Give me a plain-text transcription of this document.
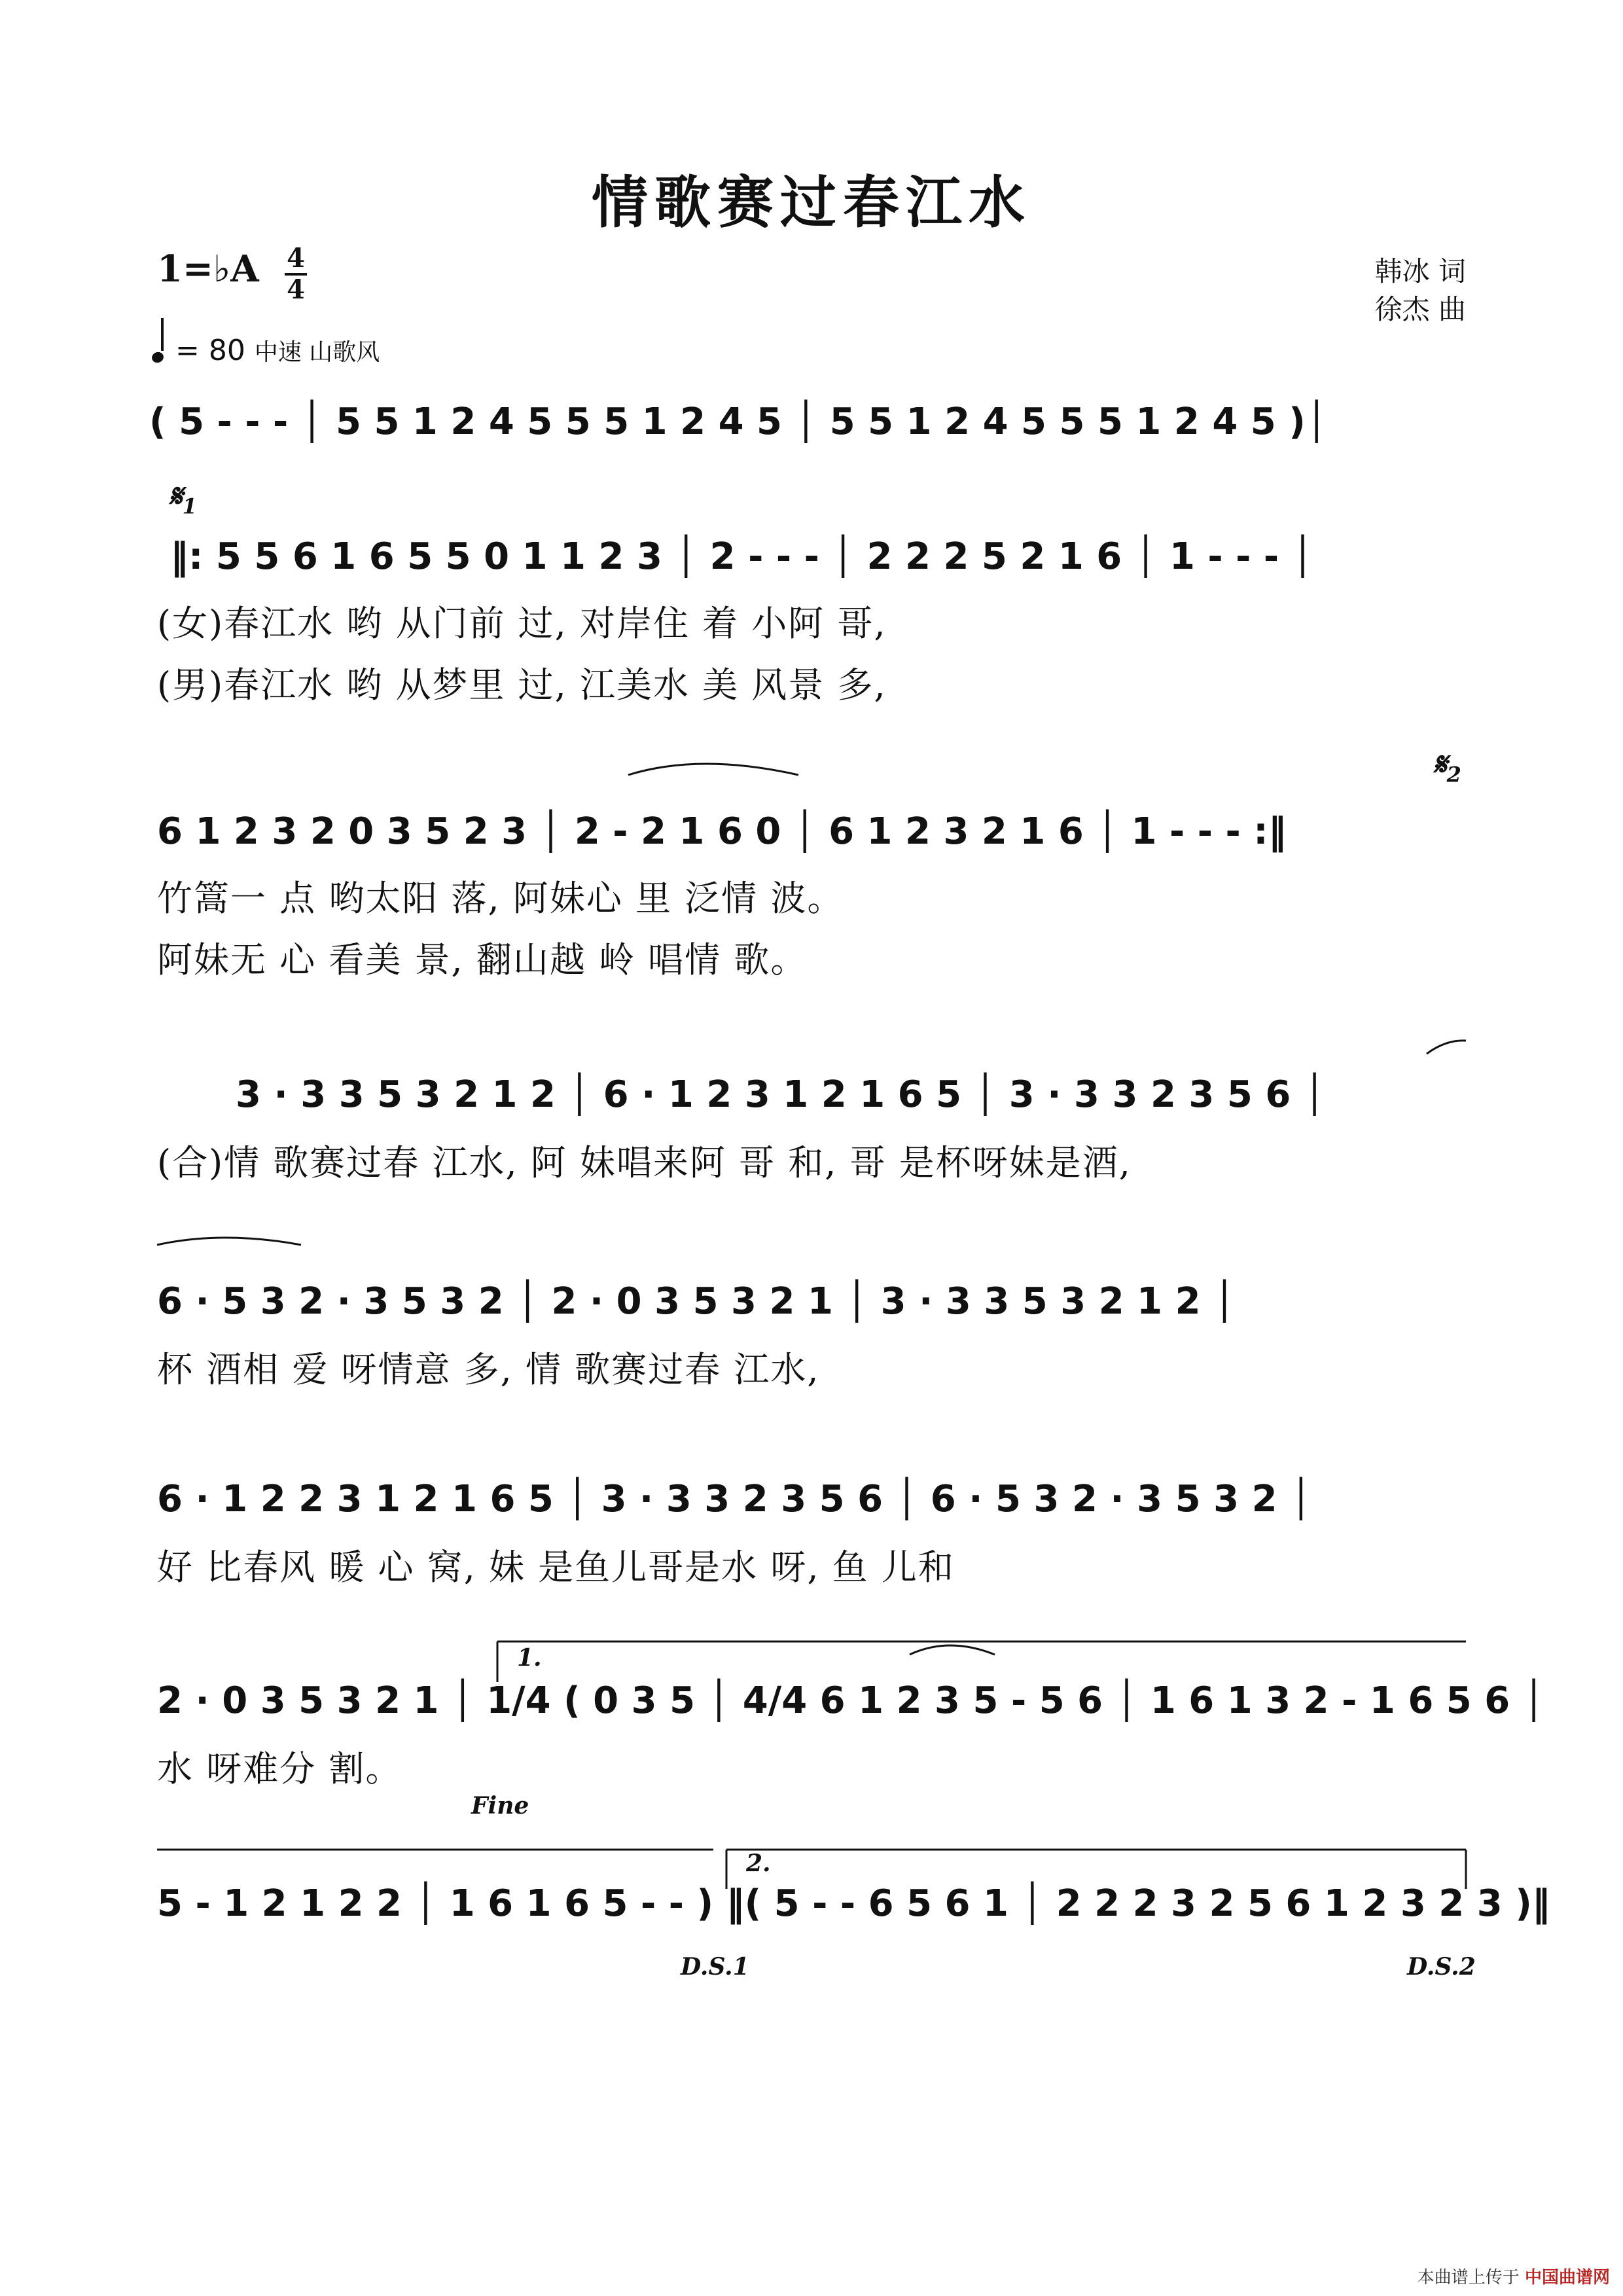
情歌赛过春江水
1=♭A 4
4
韩冰 词
徐杰 曲
= 80 中速 山歌风
( 5 - - - │ 5 5 1 2 4 5 5 5 1 2 4 5 │ 5 5 1 2 4 5 5 5 1 2 4 5 )│
$𝄋_1$
‖: 5 5 6 1 6 5 5 0 1 1 2 3 │ 2 - - - │ 2 2 2 5 2 1 6 │ 1 - - - │
(女)春江水 哟 从门前 过, 对岸住 着 小阿 哥,
(男)春江水 哟 从梦里 过, 江美水 美 风景 多,
$𝄋_2$
6 1 2 3 2 0 3 5 2 3 │ 2 - 2 1 6 0 │ 6 1 2 3 2 1 6 │ 1 - - - :‖
竹篙一 点 哟太阳 落, 阿妹心 里 泛情 波。
阿妹无 心 看美 景, 翻山越 岭 唱情 歌。
3 · 3 3 5 3 2 1 2 │ 6 · 1 2 3 1 2 1 6 5 │ 3 · 3 3 2 3 5 6 │
(合)情 歌赛过春 江水, 阿 妹唱来阿 哥 和, 哥 是杯呀妹是酒,
6 · 5 3 2 · 3 5 3 2 │ 2 · 0 3 5 3 2 1 │ 3 · 3 3 5 3 2 1 2 │
杯 酒相 爱 呀情意 多, 情 歌赛过春 江水,
6 · 1 2 2 3 1 2 1 6 5 │ 3 · 3 3 2 3 5 6 │ 6 · 5 3 2 · 3 5 3 2 │
好 比春风 暖 心 窝, 妹 是鱼儿哥是水 呀, 鱼 儿和
1.
2 · 0 3 5 3 2 1 │ 1/4 ( 0 3 5 │ 4/4 6 1 2 3 5 - 5 6 │ 1 6 1 3 2 - 1 6 5 6 │
水 呀难分 割。
Fine
2.
5 - 1 2 1 2 2 │ 1 6 1 6 5 - - ) ‖( 5 - - 6 5 6 1 │ 2 2 2 3 2 5 6 1 2 3 2 3 )‖
D.S.1	D.S.2
本曲谱上传于 中国曲谱网
